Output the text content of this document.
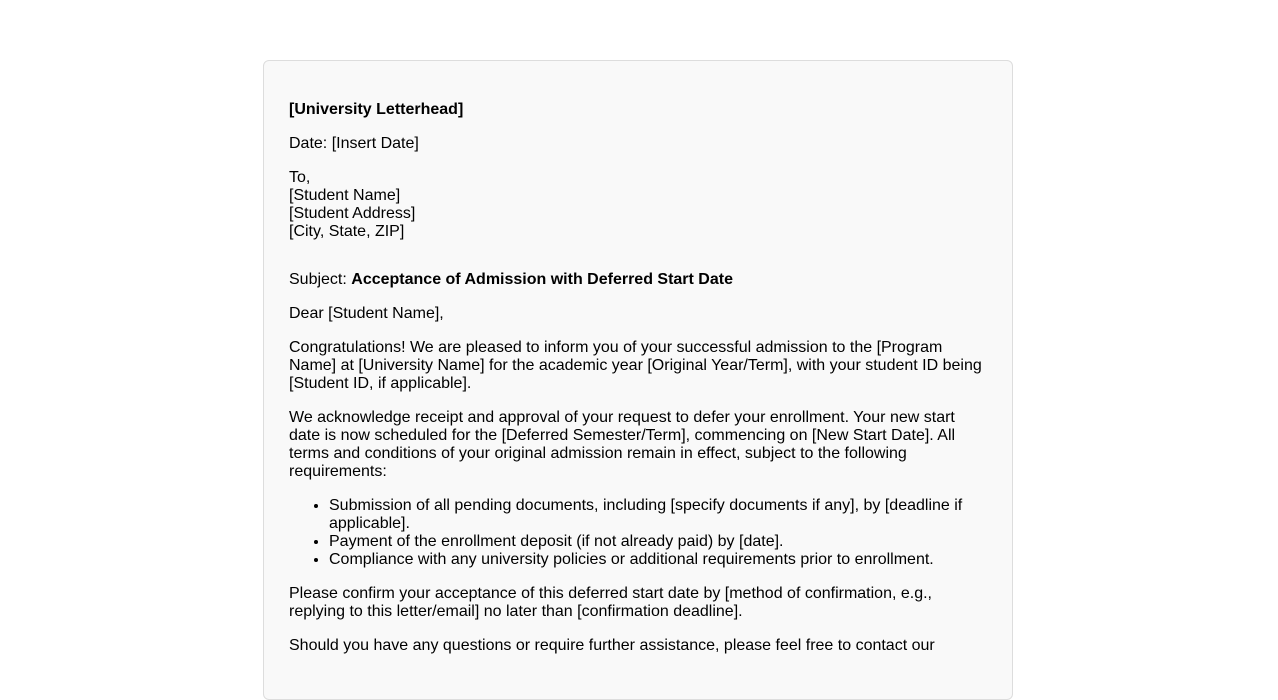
[University Letterhead]

Date: [Insert Date]

To,

[Student Name]

[Student Address]

[City, State, ZIP]

Subject: Acceptance of Admission with Deferred Start Date

Dear [Student Name],

Congratulations! We are pleased to inform you of your successful admission to the [Program Name] at [University Name] for the academic year [Original Year/Term], with your student ID being [Student ID, if applicable].

We acknowledge receipt and approval of your request to defer your enrollment. Your new start date is now scheduled for the [Deferred Semester/Term], commencing on [New Start Date]. All terms and conditions of your original admission remain in effect, subject to the following requirements:

• Submission of all pending documents, including [specify documents if any], by [deadline if applicable].
• Payment of the enrollment deposit (if not already paid) by [date].
• Compliance with any university policies or additional requirements prior to enrollment.

Please confirm your acceptance of this deferred start date by [method of confirmation, e.g., replying to this letter/email] no later than [confirmation deadline].

Should you have any questions or require further assistance, please feel free to contact our
